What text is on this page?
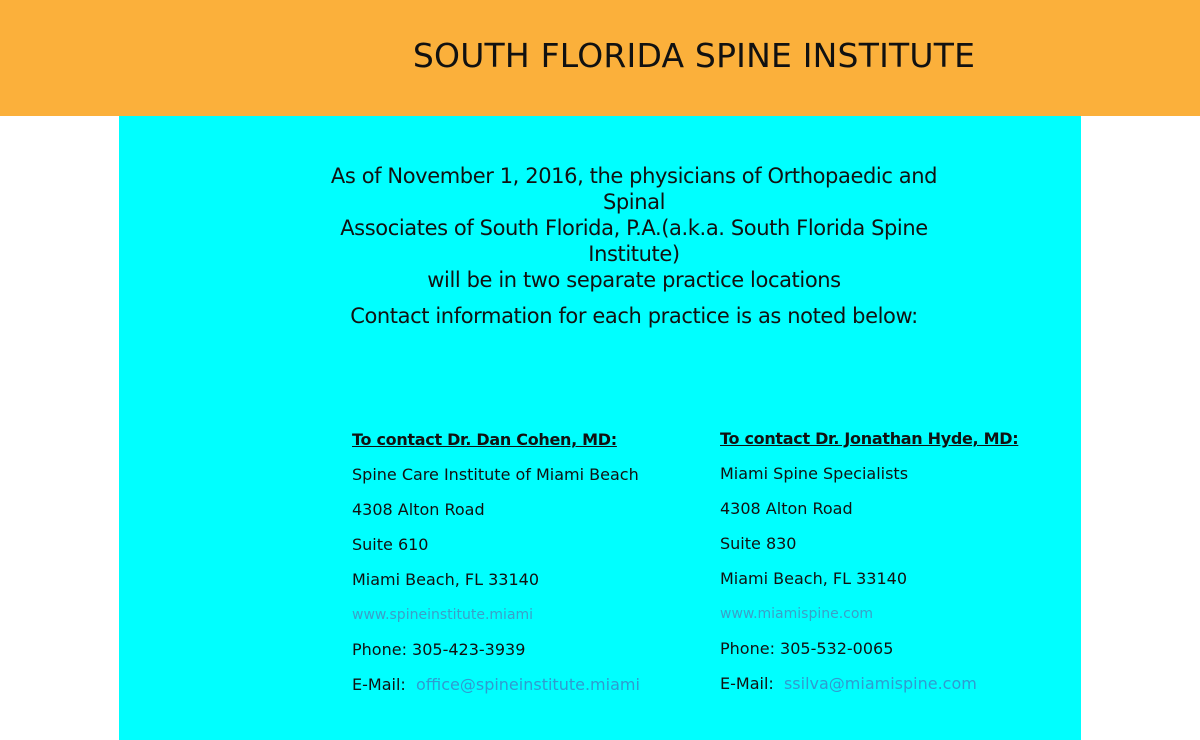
SOUTH FLORIDA SPINE INSTITUTE
As of November 1, 2016, the physicians of Orthopaedic and Spinal
Associates of South Florida, P.A.(a.k.a. South Florida Spine Institute)
will be in two separate practice locations
Contact information for each practice is as noted below:
To contact Dr. Dan Cohen, MD:
Spine Care Institute of Miami Beach
4308 Alton Road
Suite 610
Miami Beach, FL 33140
www.spineinstitute.miami
Phone: 305-423-3939
E-Mail: office@spineinstitute.miami
To contact Dr. Jonathan Hyde, MD:
Miami Spine Specialists
4308 Alton Road
Suite 830
Miami Beach, FL 33140
www.miamispine.com
Phone: 305-532-0065
E-Mail: ssilva@miamispine.com
